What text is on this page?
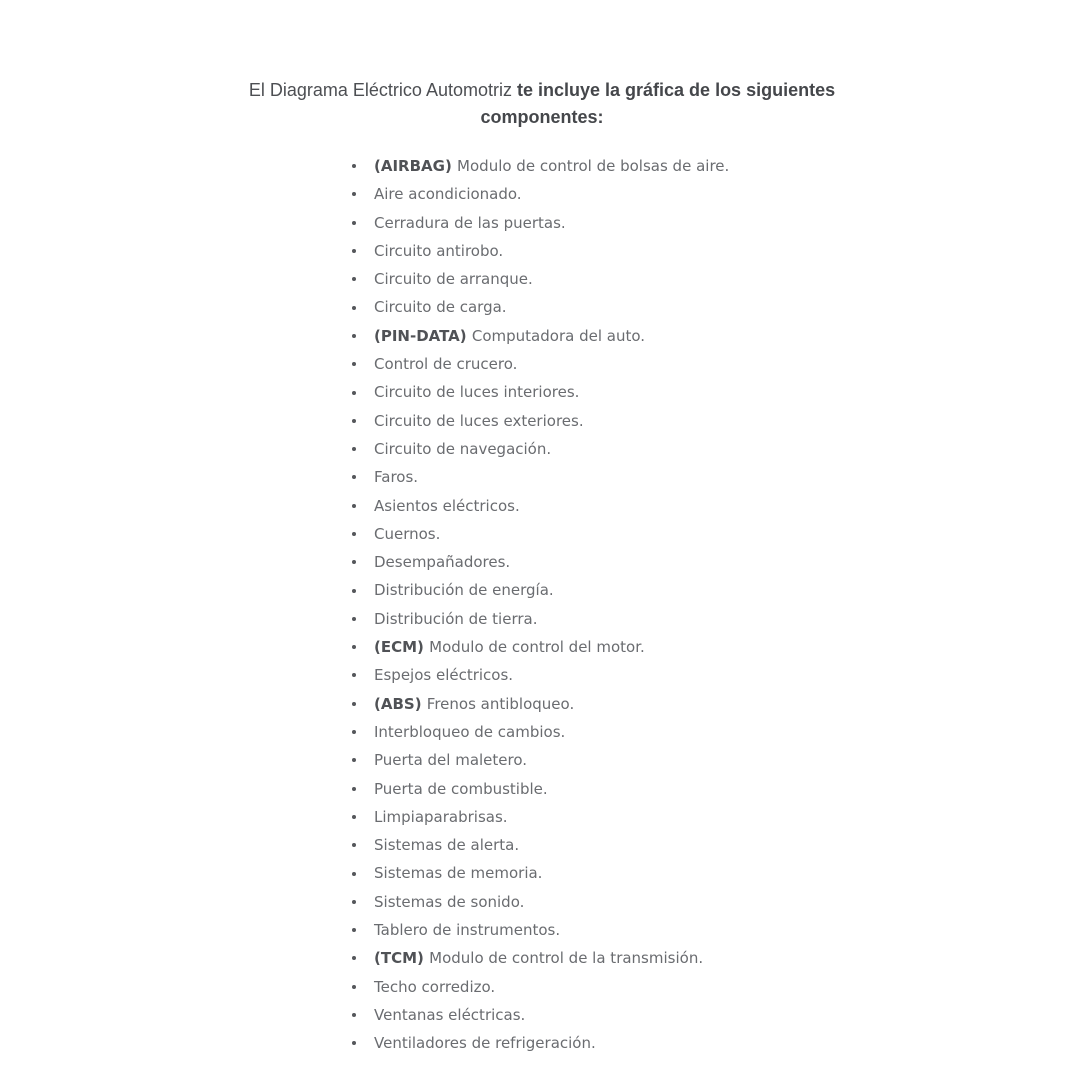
El Diagrama Eléctrico Automotriz te incluye la gráfica de los siguientes componentes:

(AIRBAG) Modulo de control de bolsas de aire.
Aire acondicionado.
Cerradura de las puertas.
Circuito antirobo.
Circuito de arranque.
Circuito de carga.
(PIN-DATA) Computadora del auto.
Control de crucero.
Circuito de luces interiores.
Circuito de luces exteriores.
Circuito de navegación.
Faros.
Asientos eléctricos.
Cuernos.
Desempañadores.
Distribución de energía.
Distribución de tierra.
(ECM) Modulo de control del motor.
Espejos eléctricos.
(ABS) Frenos antibloqueo.
Interbloqueo de cambios.
Puerta del maletero.
Puerta de combustible.
Limpiaparabrisas.
Sistemas de alerta.
Sistemas de memoria.
Sistemas de sonido.
Tablero de instrumentos.
(TCM) Modulo de control de la transmisión.
Techo corredizo.
Ventanas eléctricas.
Ventiladores de refrigeración.
